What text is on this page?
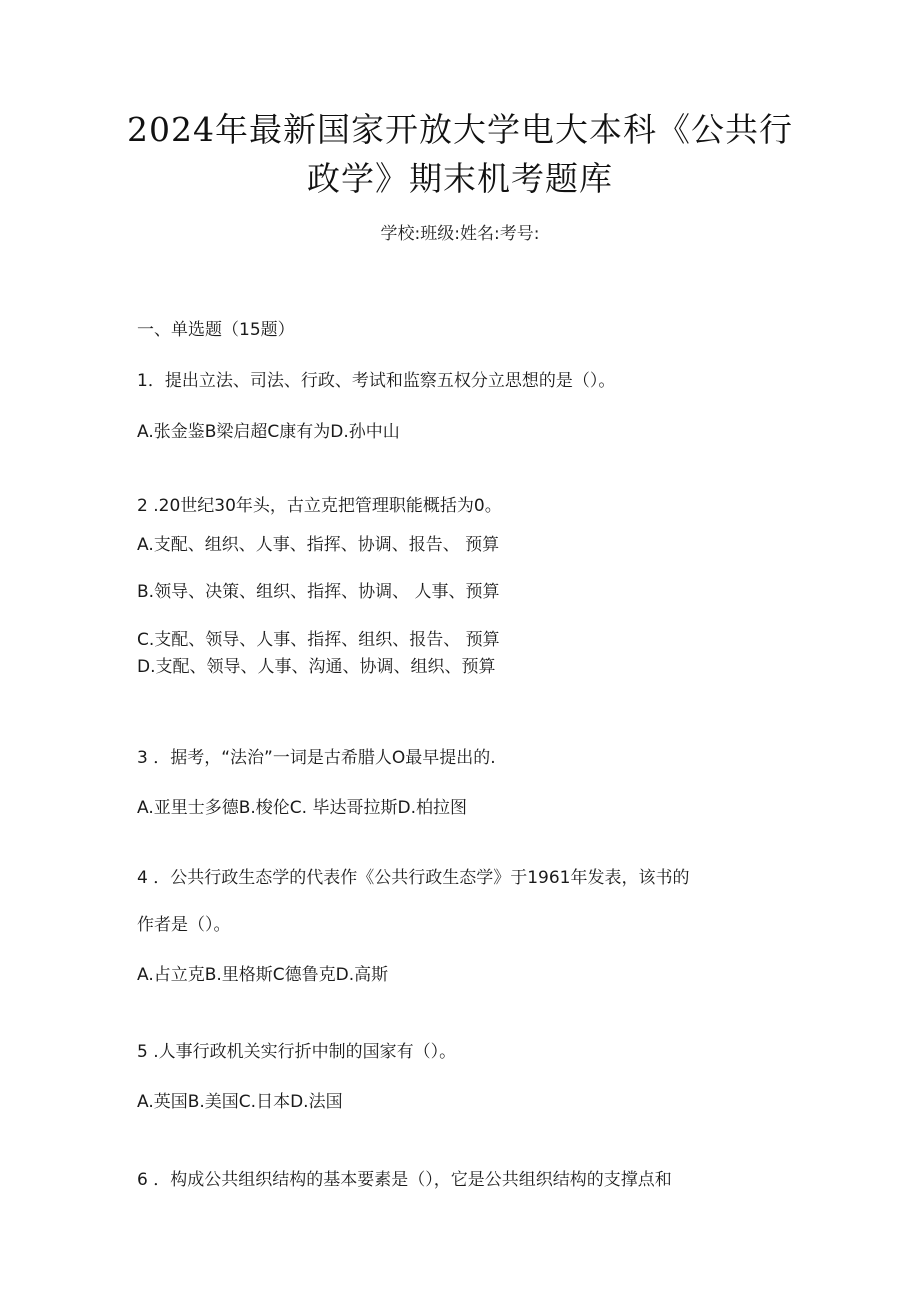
2024年最新国家开放大学电大本科《公共行
政学》期末机考题库
学校:班级:姓名:考号:
一、单选题（15题）
1．提出立法、司法、行政、考试和监察五权分立思想的是（）。
A.张金鉴B梁启超C康有为D.孙中山
2 .20世纪30年头，古立克把管理职能概括为0。
A.支配、组织、人事、指挥、协调、报告、 预算
B.领导、决策、组织、指挥、协调、 人事、预算
C.支配、领导、人事、指挥、组织、报告、 预算
D.支配、领导、人事、沟通、协调、组织、预算
3 ．据考，“法治”一词是古希腊人O最早提出的.
A.亚里士多德B.梭伦C. 毕达哥拉斯D.柏拉图
4 ．公共行政生态学的代表作《公共行政生态学》于1961年发表，该书的
作者是（）。
A.占立克B.里格斯C德鲁克D.高斯
5 .人事行政机关实行折中制的国家有（）。
A.英国B.美国C.日本D.法国
6 ．构成公共组织结构的基本要素是（），它是公共组织结构的支撑点和
